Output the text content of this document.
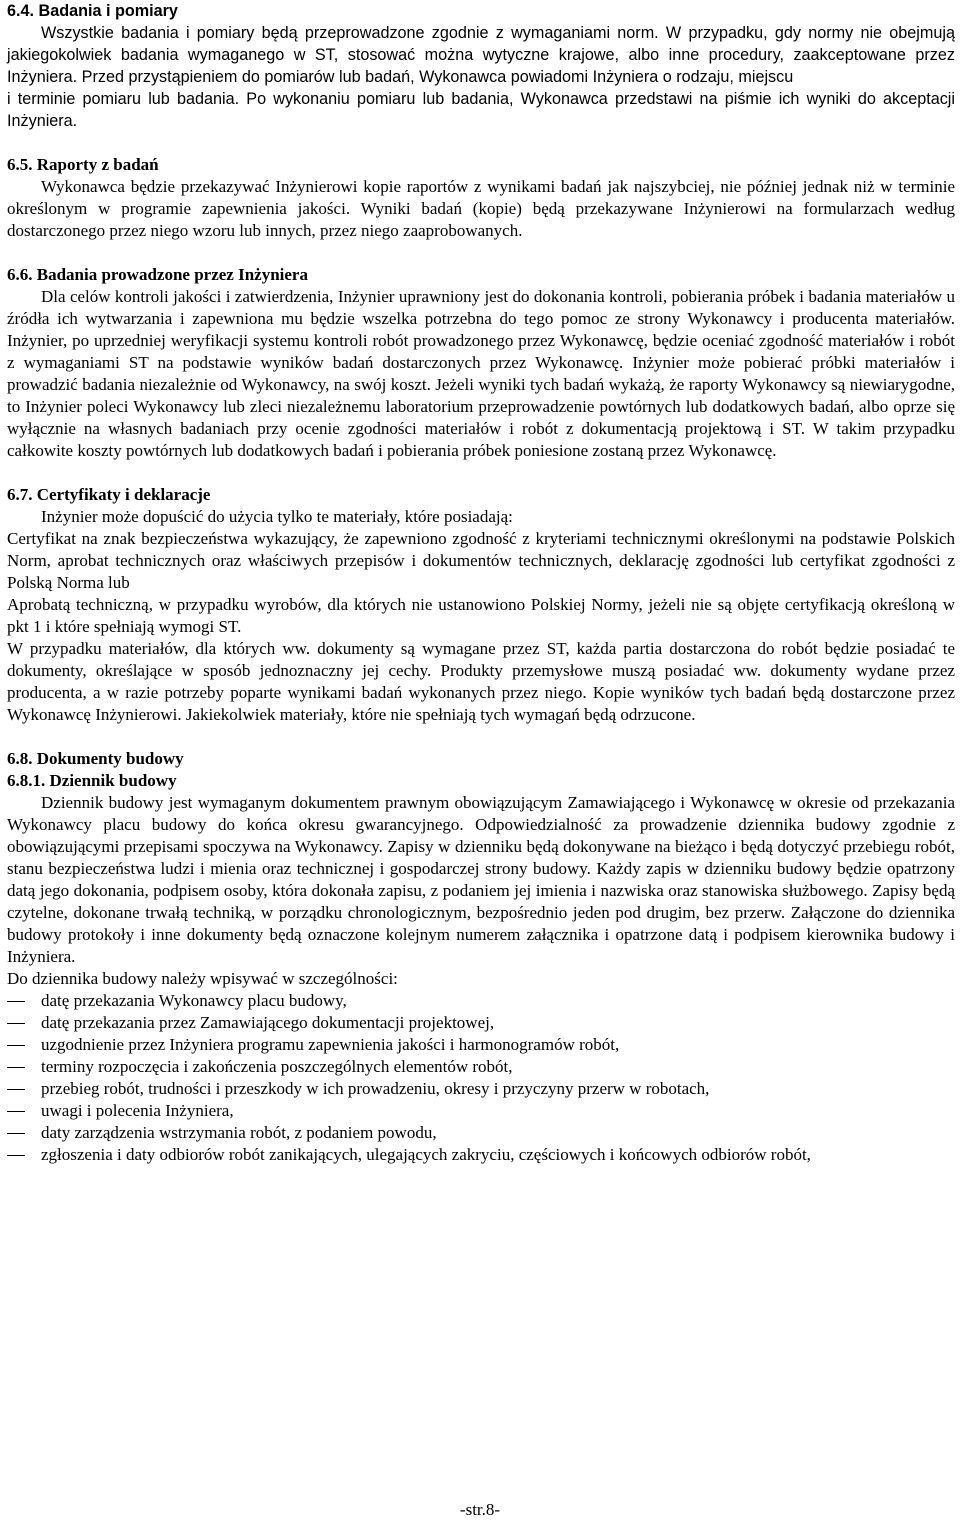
6.4. Badania i pomiary

Wszystkie badania i pomiary będą przeprowadzone zgodnie z wymaganiami norm. W przypadku, gdy normy nie obejmują jakiegokolwiek badania wymaganego w ST, stosować można wytyczne krajowe, albo inne procedury, zaakceptowane przez Inżyniera. Przed przystąpieniem do pomiarów lub badań, Wykonawca powiadomi Inżyniera o rodzaju, miejscu

i terminie pomiaru lub badania. Po wykonaniu pomiaru lub badania, Wykonawca przedstawi na piśmie ich wyniki do akceptacji Inżyniera.

6.5. Raporty z badań

Wykonawca będzie przekazywać Inżynierowi kopie raportów z wynikami badań jak najszybciej, nie później jednak niż w terminie określonym w programie zapewnienia jakości. Wyniki badań (kopie) będą przekazywane Inżynierowi na formularzach według dostarczonego przez niego wzoru lub innych, przez niego zaaprobowanych.

6.6. Badania prowadzone przez Inżyniera

Dla celów kontroli jakości i zatwierdzenia, Inżynier uprawniony jest do dokonania kontroli, pobierania próbek i badania materiałów u źródła ich wytwarzania i zapewniona mu będzie wszelka potrzebna do tego pomoc ze strony Wykonawcy i producenta materiałów. Inżynier, po uprzedniej weryfikacji systemu kontroli robót prowadzonego przez Wykonawcę, będzie oceniać zgodność materiałów i robót z wymaganiami ST na podstawie wyników badań dostarczonych przez Wykonawcę. Inżynier może pobierać próbki materiałów i prowadzić badania niezależnie od Wykonawcy, na swój koszt. Jeżeli wyniki tych badań wykażą, że raporty Wykonawcy są niewiarygodne, to Inżynier poleci Wykonawcy lub zleci niezależnemu laboratorium przeprowadzenie powtórnych lub dodatkowych badań, albo oprze się wyłącznie na własnych badaniach przy ocenie zgodności materiałów i robót z dokumentacją projektową i ST. W takim przypadku całkowite koszty powtórnych lub dodatkowych badań i pobierania próbek poniesione zostaną przez Wykonawcę.

6.7. Certyfikaty i deklaracje

Inżynier może dopuścić do użycia tylko te materiały, które posiadają:

Certyfikat na znak bezpieczeństwa wykazujący, że zapewniono zgodność z kryteriami technicznymi określonymi na podstawie Polskich Norm, aprobat technicznych oraz właściwych przepisów i dokumentów technicznych, deklarację zgodności lub certyfikat zgodności z Polską Norma lub

Aprobatą techniczną, w przypadku wyrobów, dla których nie ustanowiono Polskiej Normy, jeżeli nie są objęte certyfikacją określoną w pkt 1 i które spełniają wymogi ST.

W przypadku materiałów, dla których ww. dokumenty są wymagane przez ST, każda partia dostarczona do robót będzie posiadać te dokumenty, określające w sposób jednoznaczny jej cechy. Produkty przemysłowe muszą posiadać ww. dokumenty wydane przez producenta, a w razie potrzeby poparte wynikami badań wykonanych przez niego. Kopie wyników tych badań będą dostarczone przez Wykonawcę Inżynierowi. Jakiekolwiek materiały, które nie spełniają tych wymagań będą odrzucone.

6.8. Dokumenty budowy
6.8.1. Dziennik budowy

Dziennik budowy jest wymaganym dokumentem prawnym obowiązującym Zamawiającego i Wykonawcę w okresie od przekazania Wykonawcy placu budowy do końca okresu gwarancyjnego. Odpowiedzialność za prowadzenie dziennika budowy zgodnie z obowiązującymi przepisami spoczywa na Wykonawcy. Zapisy w dzienniku będą dokonywane na bieżąco i będą dotyczyć przebiegu robót, stanu bezpieczeństwa ludzi i mienia oraz technicznej i gospodarczej strony budowy. Każdy zapis w dzienniku budowy będzie opatrzony datą jego dokonania, podpisem osoby, która dokonała zapisu, z podaniem jej imienia i nazwiska oraz stanowiska służbowego. Zapisy będą czytelne, dokonane trwałą techniką, w porządku chronologicznym, bezpośrednio jeden pod drugim, bez przerw. Załączone do dziennika budowy protokoły i inne dokumenty będą oznaczone kolejnym numerem załącznika i opatrzone datą i podpisem kierownika budowy i Inżyniera.

Do dziennika budowy należy wpisywać w szczególności:

datę przekazania Wykonawcy placu budowy,
datę przekazania przez Zamawiającego dokumentacji projektowej,
uzgodnienie przez Inżyniera programu zapewnienia jakości i harmonogramów robót,
terminy rozpoczęcia i zakończenia poszczególnych elementów robót,
przebieg robót, trudności i przeszkody w ich prowadzeniu, okresy i przyczyny przerw w robotach,
uwagi i polecenia Inżyniera,
daty zarządzenia wstrzymania robót, z podaniem powodu,
zgłoszenia i daty odbiorów robót zanikających, ulegających zakryciu, częściowych i końcowych odbiorów robót,
-str.8-
